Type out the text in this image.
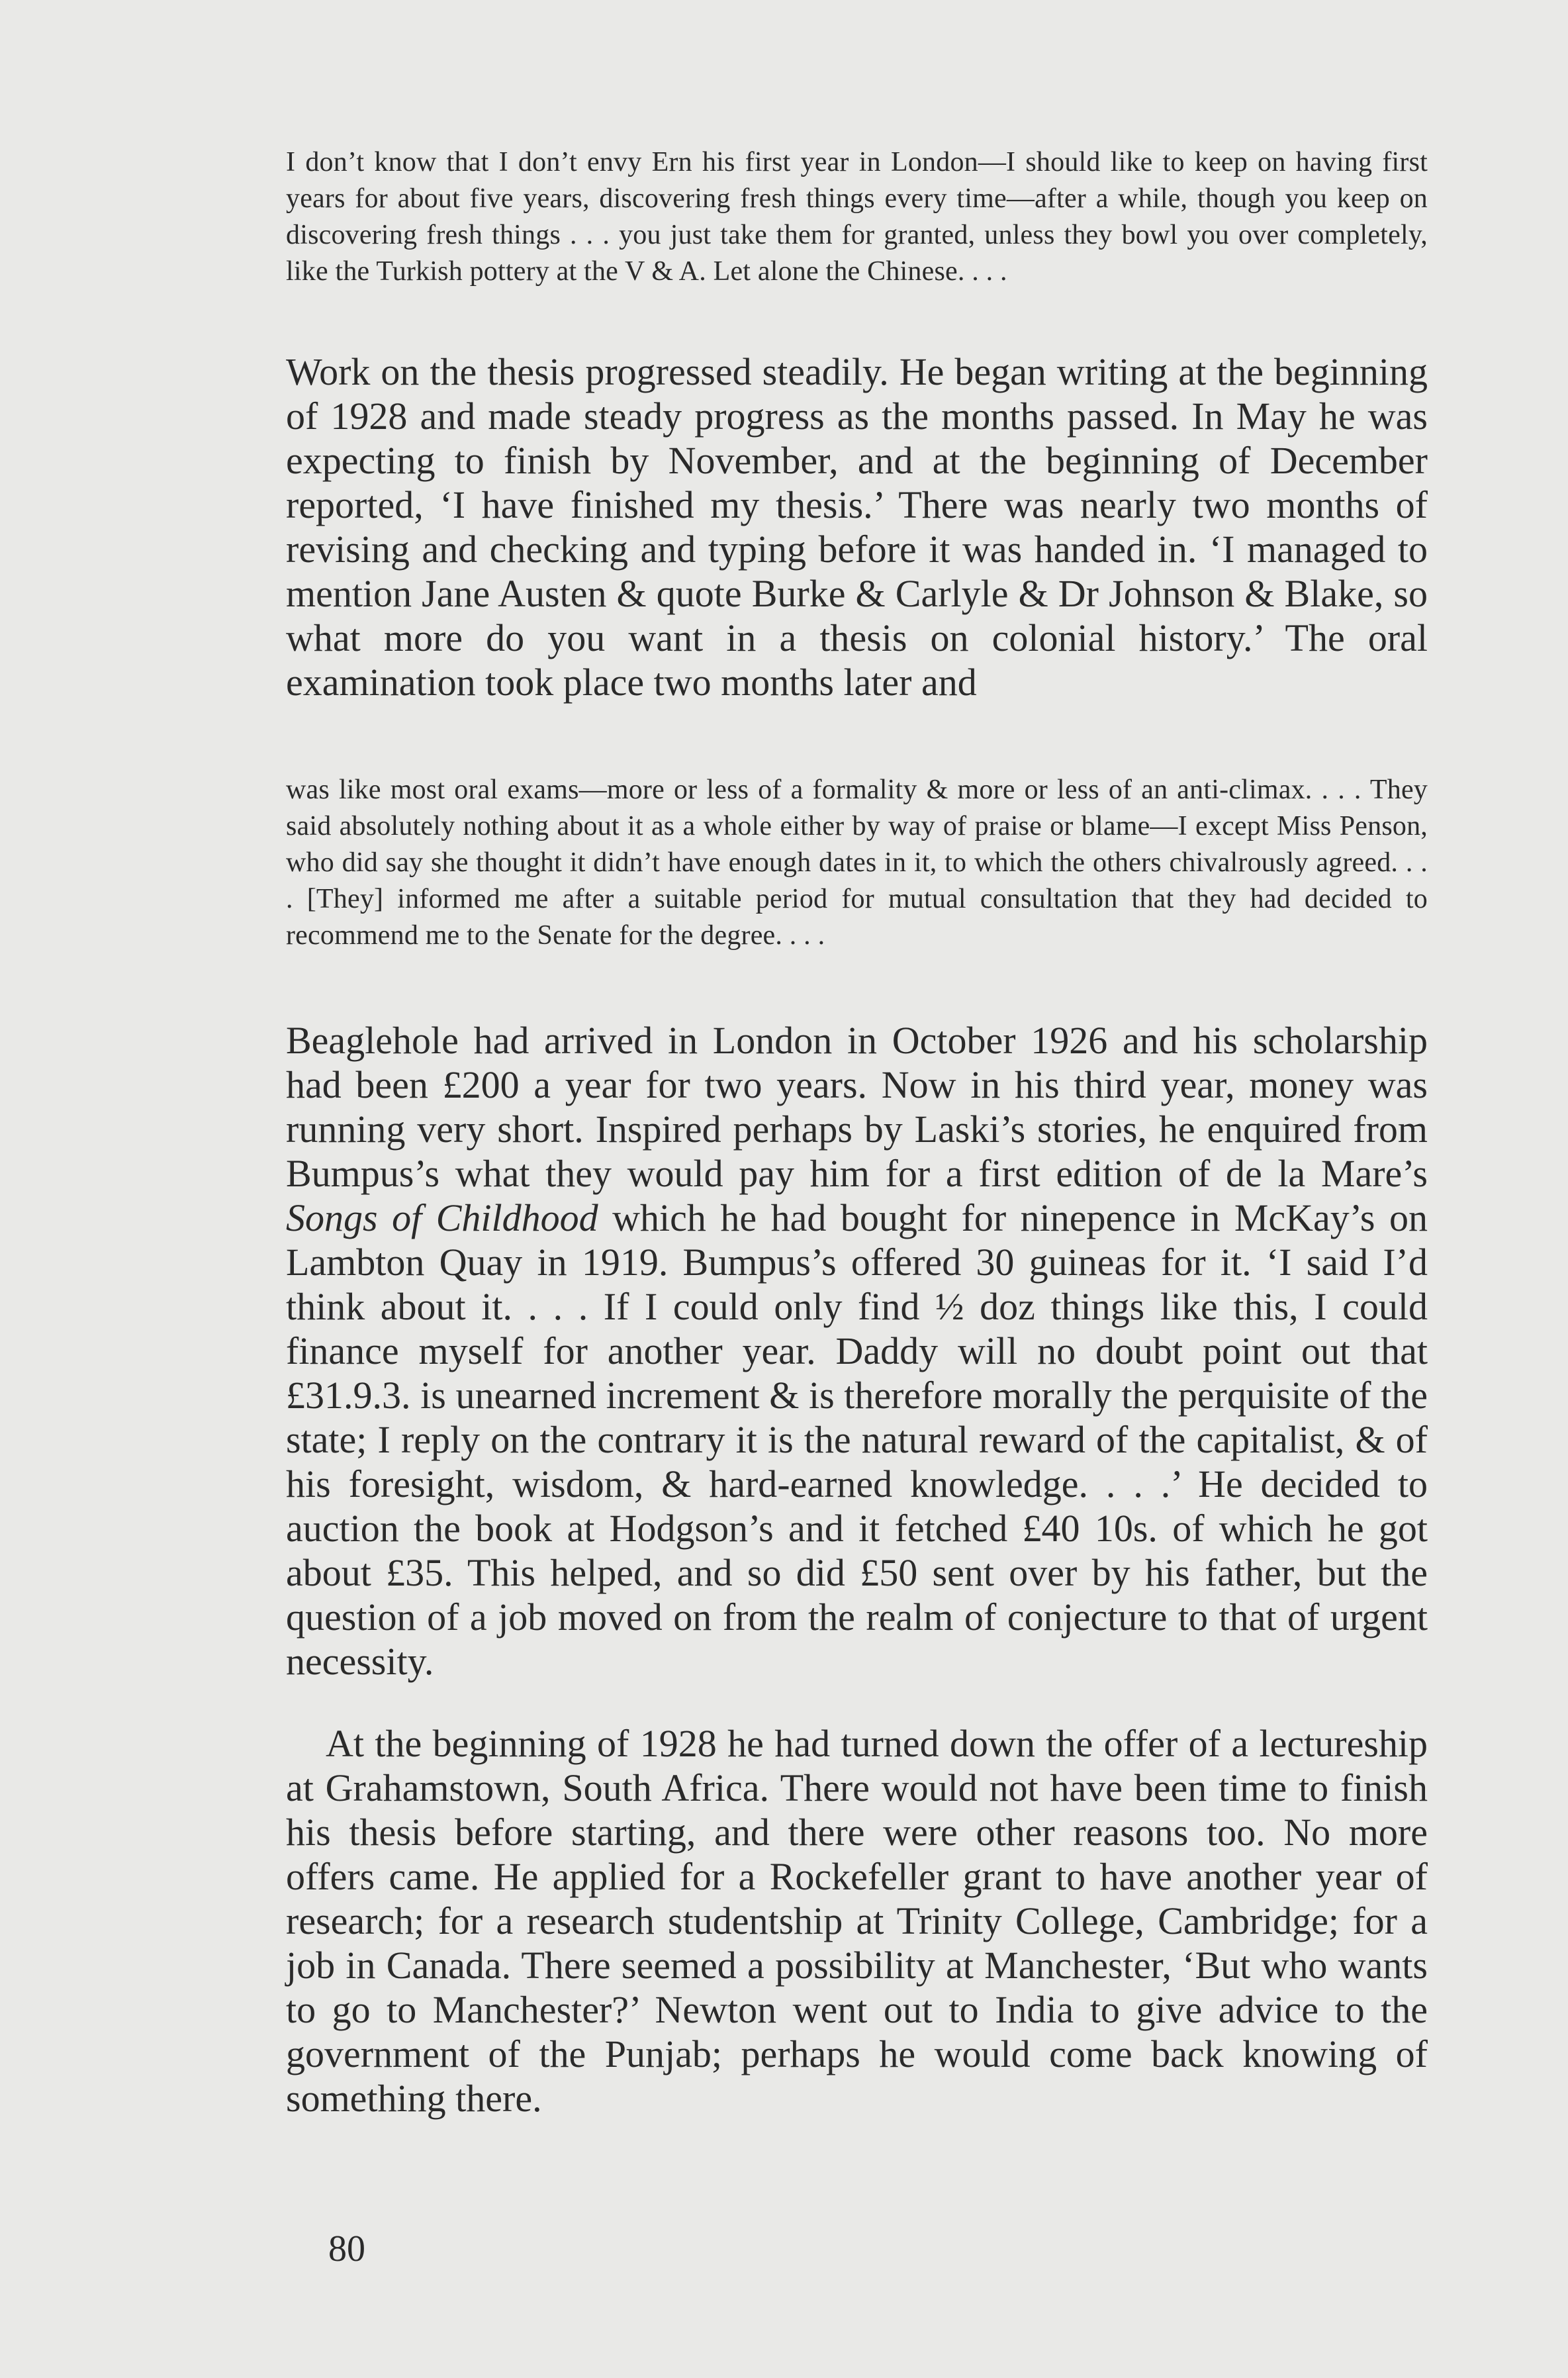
I don’t know that I don’t envy Ern his first year in London—I should like to keep on having first years for about five years, discovering fresh things every time—after a while, though you keep on discovering fresh things . . . you just take them for granted, unless they bowl you over completely, like the Turkish pottery at the V & A. Let alone the Chinese. . . .

Work on the thesis progressed steadily. He began writing at the beginning of 1928 and made steady progress as the months passed. In May he was expecting to finish by November, and at the beginning of December reported, ‘I have finished my thesis.’ There was nearly two months of revising and checking and typing before it was handed in. ‘I managed to mention Jane Austen & quote Burke & Carlyle & Dr Johnson & Blake, so what more do you want in a thesis on colonial history.’ The oral examination took place two months later and

was like most oral exams—more or less of a formality & more or less of an anti-climax. . . . They said absolutely nothing about it as a whole either by way of praise or blame—I except Miss Penson, who did say she thought it didn’t have enough dates in it, to which the others chivalrously agreed. . . . [They] informed me after a suitable period for mutual consultation that they had decided to recommend me to the Senate for the degree. . . .

Beaglehole had arrived in London in October 1926 and his scholarship had been £200 a year for two years. Now in his third year, money was running very short. Inspired perhaps by Laski’s stories, he enquired from Bumpus’s what they would pay him for a first edition of de la Mare’s Songs of Childhood which he had bought for ninepence in McKay’s on Lambton Quay in 1919. Bumpus’s offered 30 guineas for it. ‘I said I’d think about it. . . . If I could only find ½ doz things like this, I could finance myself for another year. Daddy will no doubt point out that £31.9.3. is unearned increment & is therefore morally the perquisite of the state; I reply on the contrary it is the natural reward of the capitalist, & of his foresight, wisdom, & hard-earned knowledge. . . .’ He decided to auction the book at Hodgson’s and it fetched £40 10s. of which he got about £35. This helped, and so did £50 sent over by his father, but the question of a job moved on from the realm of conjecture to that of urgent necessity.

At the beginning of 1928 he had turned down the offer of a lectureship at Grahamstown, South Africa. There would not have been time to finish his thesis before starting, and there were other reasons too. No more offers came. He applied for a Rockefeller grant to have another year of research; for a research studentship at Trinity College, Cambridge; for a job in Canada. There seemed a possibility at Manchester, ‘But who wants to go to Manchester?’ Newton went out to India to give advice to the government of the Punjab; perhaps he would come back knowing of something there.

80
